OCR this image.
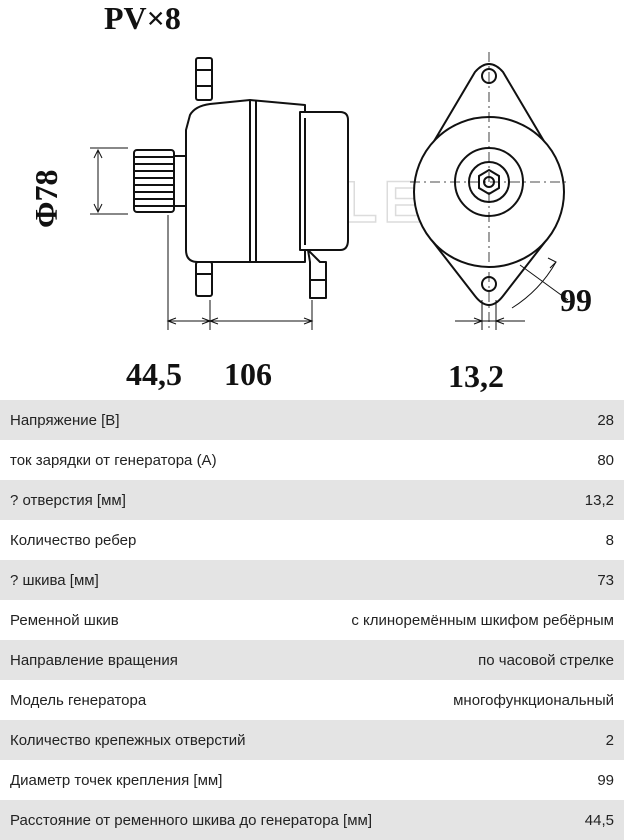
PV×8
Φ78
44,5 106	13,2
99
Напряжение [В]	28
ток зарядки от генератора (А)	80
? отверстия [мм]	13,2
Количество ребер	8
? шкива [мм]	73
Ременной шкив	с клиноремённым шкифом ребёрным
Направление вращения	по часовой стрелке
Модель генератора	многофункциональный
Количество крепежных отверстий	2
Диаметр точек крепления [мм]	99
Расстояние от ременного шкива до генератора [мм]	44,5
